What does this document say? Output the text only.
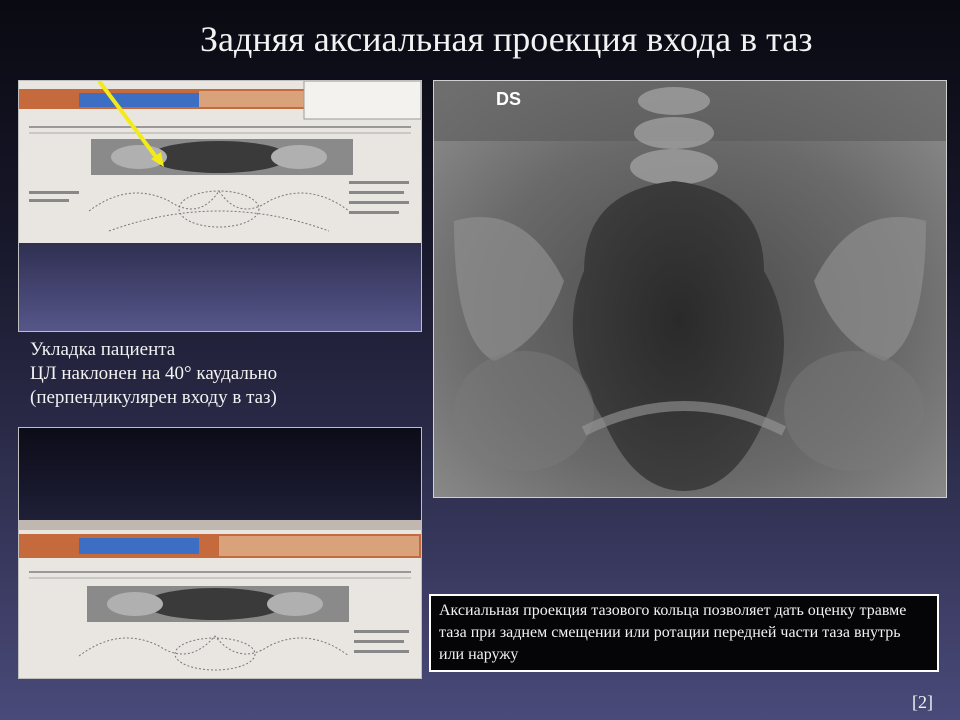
Задняя аксиальная проекция входа в таз
Укладка пациента
ЦЛ наклонен на 40° каудально
(перпендикулярен входу в таз)
DS
Аксиальная проекция тазового кольца позволяет дать оценку травме таза при заднем смещении или ротации передней части таза внутрь или наружу
[2]
